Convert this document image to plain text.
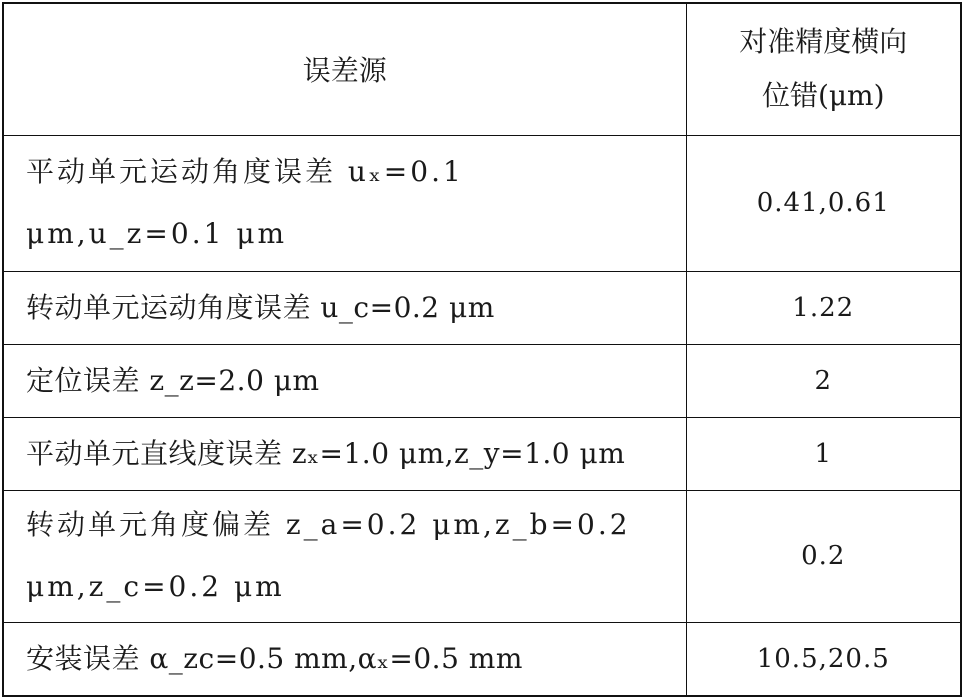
误差源	对准精度横向
位错(μm)

平动单元运动角度误差 uₓ=0.1 μm,u_z=0.1 μm	0.41,0.61
转动单元运动角度误差 u_c=0.2 μm	1.22
定位误差 z_z=2.0 μm	2
平动单元直线度误差 zₓ=1.0 μm,z_y=1.0 μm	1
转动单元角度偏差 z_a=0.2 μm,z_b=0.2 μm,z_c=0.2 μm	0.2
安装误差 α_zc=0.5 mm,αₓ=0.5 mm	10.5,20.5
